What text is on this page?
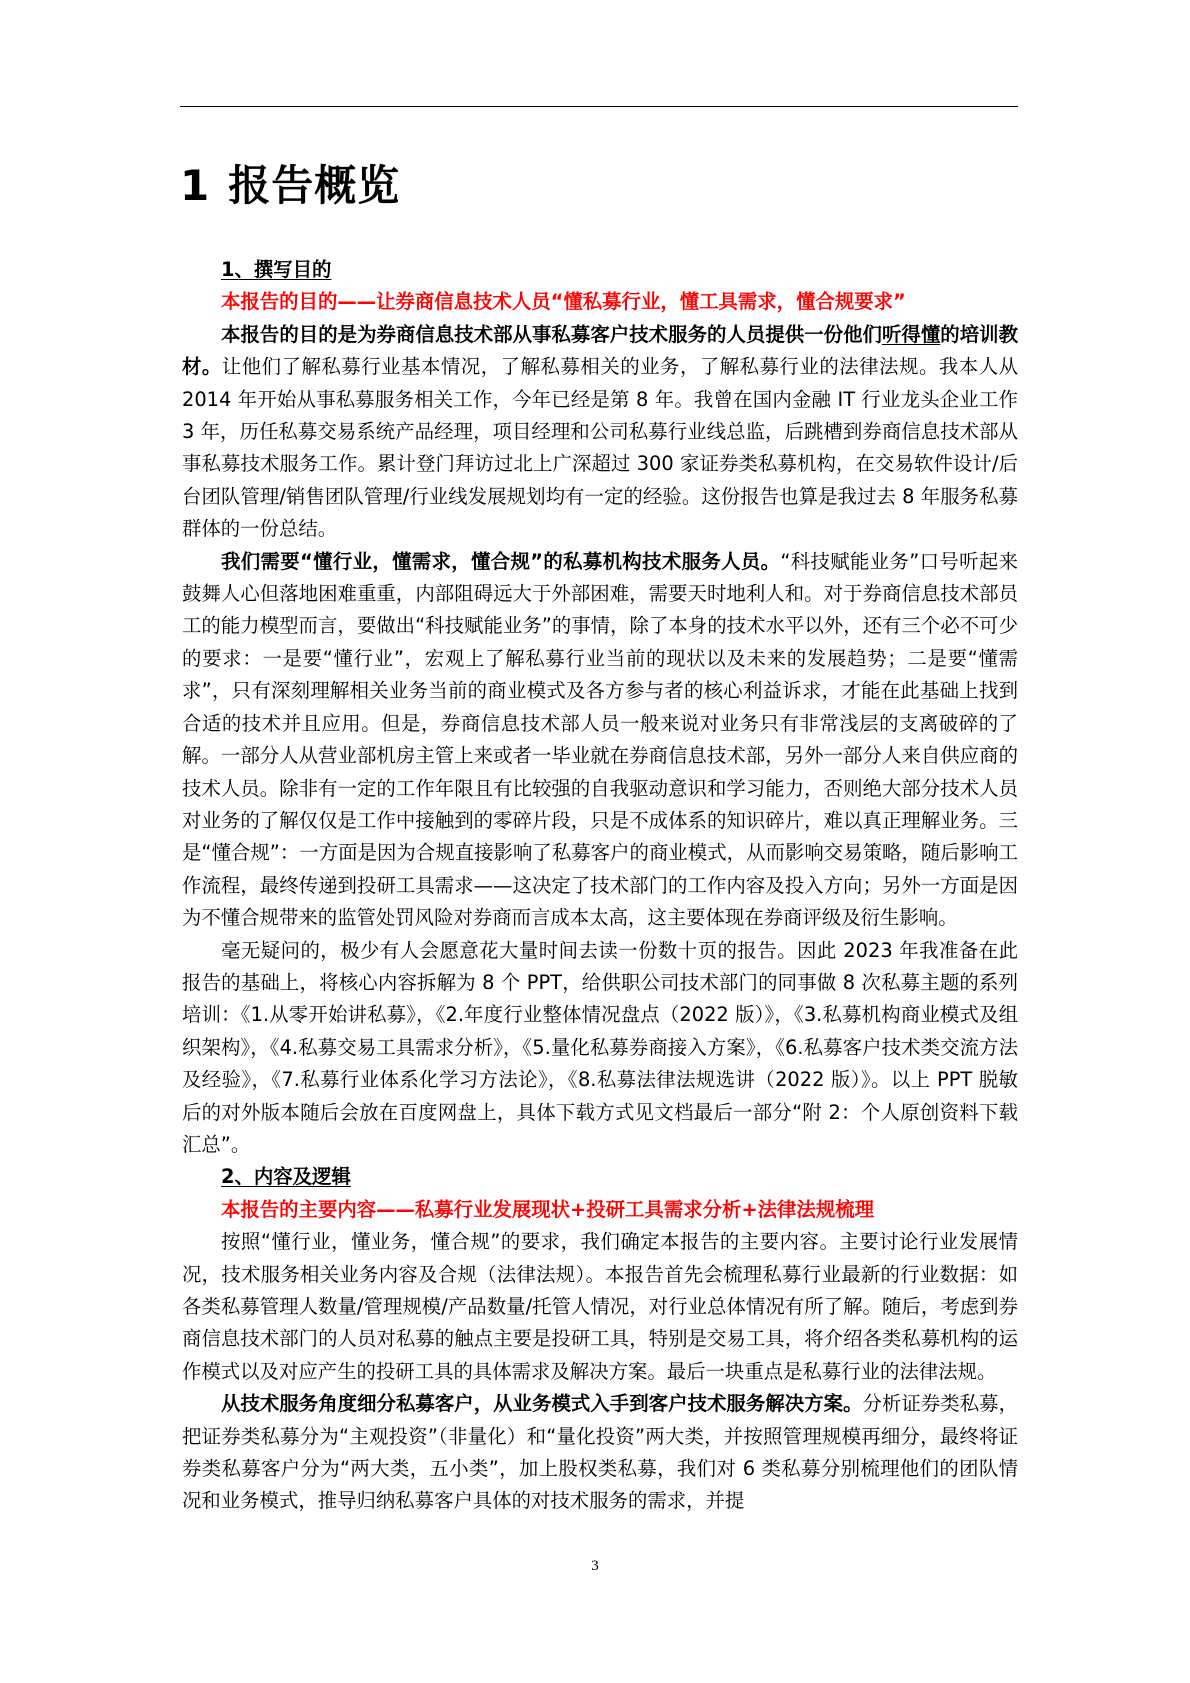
1 报告概览

1、撰写目的

本报告的目的——让券商信息技术人员“懂私募行业，懂工具需求，懂合规要求”

本报告的目的是为券商信息技术部从事私募客户技术服务的人员提供一份他们听得懂的培训教材。让他们了解私募行业基本情况，了解私募相关的业务，了解私募行业的法律法规。我本人从 2014 年开始从事私募服务相关工作，今年已经是第 8 年。我曾在国内金融 IT 行业龙头企业工作 3 年，历任私募交易系统产品经理，项目经理和公司私募行业线总监，后跳槽到券商信息技术部从事私募技术服务工作。累计登门拜访过北上广深超过 300 家证券类私募机构，在交易软件设计/后台团队管理/销售团队管理/行业线发展规划均有一定的经验。这份报告也算是我过去 8 年服务私募群体的一份总结。

我们需要“懂行业，懂需求，懂合规”的私募机构技术服务人员。“科技赋能业务”口号听起来鼓舞人心但落地困难重重，内部阻碍远大于外部困难，需要天时地利人和。对于券商信息技术部员工的能力模型而言，要做出“科技赋能业务”的事情，除了本身的技术水平以外，还有三个必不可少的要求：一是要“懂行业”，宏观上了解私募行业当前的现状以及未来的发展趋势；二是要“懂需求”，只有深刻理解相关业务当前的商业模式及各方参与者的核心利益诉求，才能在此基础上找到合适的技术并且应用。但是，券商信息技术部人员一般来说对业务只有非常浅层的支离破碎的了解。一部分人从营业部机房主管上来或者一毕业就在券商信息技术部，另外一部分人来自供应商的技术人员。除非有一定的工作年限且有比较强的自我驱动意识和学习能力，否则绝大部分技术人员对业务的了解仅仅是工作中接触到的零碎片段，只是不成体系的知识碎片，难以真正理解业务。三是“懂合规”：一方面是因为合规直接影响了私募客户的商业模式，从而影响交易策略，随后影响工作流程，最终传递到投研工具需求——这决定了技术部门的工作内容及投入方向；另外一方面是因为不懂合规带来的监管处罚风险对券商而言成本太高，这主要体现在券商评级及衍生影响。

毫无疑问的，极少有人会愿意花大量时间去读一份数十页的报告。因此 2023 年我准备在此报告的基础上，将核心内容拆解为 8 个 PPT，给供职公司技术部门的同事做 8 次私募主题的系列培训：《1.从零开始讲私募》，《2.年度行业整体情况盘点（2022 版）》，《3.私募机构商业模式及组织架构》，《4.私募交易工具需求分析》，《5.量化私募券商接入方案》，《6.私募客户技术类交流方法及经验》，《7.私募行业体系化学习方法论》，《8.私募法律法规选讲（2022 版）》。以上 PPT 脱敏后的对外版本随后会放在百度网盘上，具体下载方式见文档最后一部分“附 2：个人原创资料下载汇总”。

2、内容及逻辑

本报告的主要内容——私募行业发展现状+投研工具需求分析+法律法规梳理

按照“懂行业，懂业务，懂合规”的要求，我们确定本报告的主要内容。主要讨论行业发展情况，技术服务相关业务内容及合规（法律法规）。本报告首先会梳理私募行业最新的行业数据：如各类私募管理人数量/管理规模/产品数量/托管人情况，对行业总体情况有所了解。随后，考虑到券商信息技术部门的人员对私募的触点主要是投研工具，特别是交易工具，将介绍各类私募机构的运作模式以及对应产生的投研工具的具体需求及解决方案。最后一块重点是私募行业的法律法规。

从技术服务角度细分私募客户，从业务模式入手到客户技术服务解决方案。分析证券类私募，把证券类私募分为“主观投资”（非量化）和“量化投资”两大类，并按照管理规模再细分，最终将证券类私募客户分为“两大类，五小类”，加上股权类私募，我们对 6 类私募分别梳理他们的团队情况和业务模式，推导归纳私募客户具体的对技术服务的需求，并提

3
